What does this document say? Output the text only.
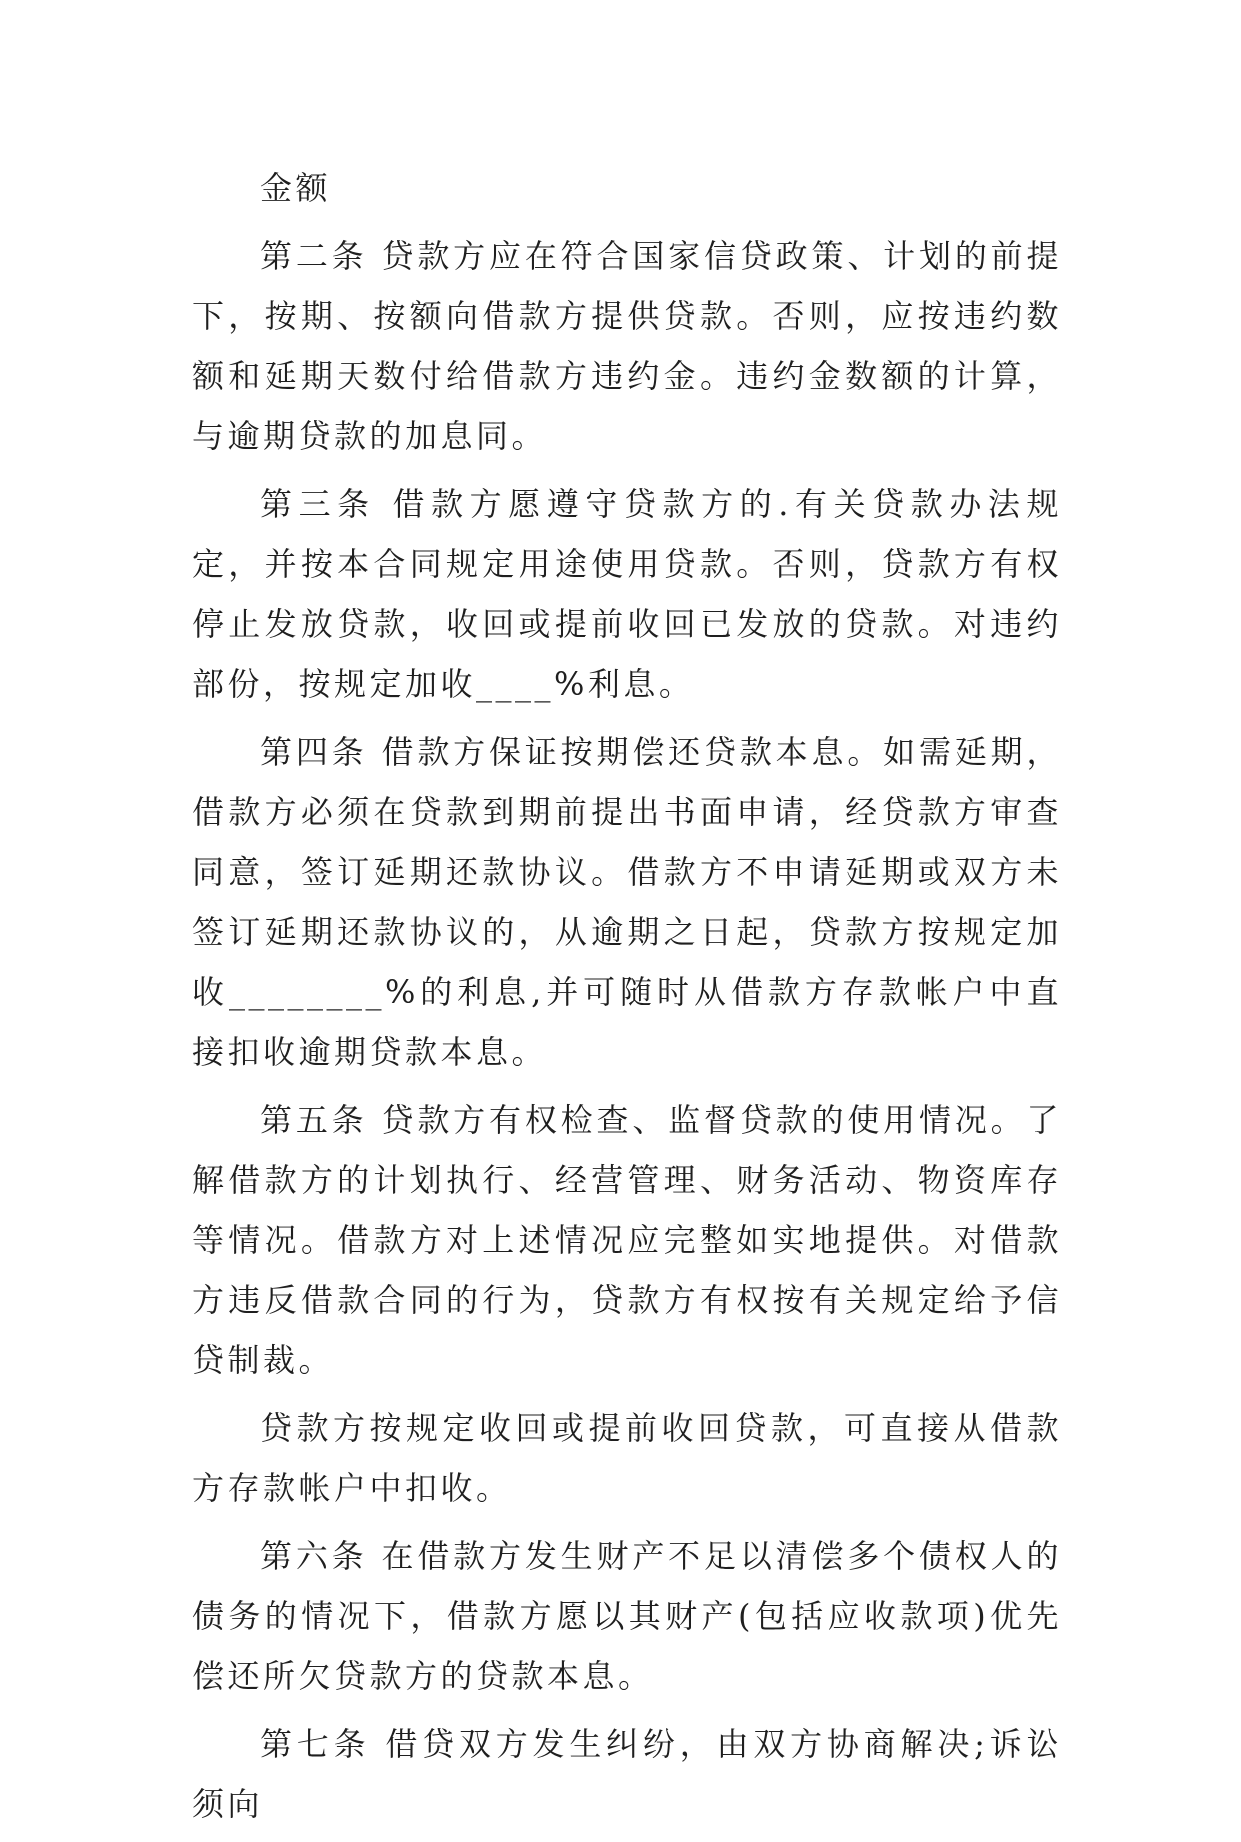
金额

第二条 贷款方应在符合国家信贷政策、计划的前提下，按期、按额向借款方提供贷款。否则，应按违约数额和延期天数付给借款方违约金。违约金数额的计算，与逾期贷款的加息同。

第三条 借款方愿遵守贷款方的.有关贷款办法规定，并按本合同规定用途使用贷款。否则，贷款方有权停止发放贷款，收回或提前收回已发放的贷款。对违约部份，按规定加收____%利息。

第四条 借款方保证按期偿还贷款本息。如需延期，借款方必须在贷款到期前提出书面申请，经贷款方审查同意，签订延期还款协议。借款方不申请延期或双方未签订延期还款协议的，从逾期之日起，贷款方按规定加收________%的利息,并可随时从借款方存款帐户中直接扣收逾期贷款本息。

第五条 贷款方有权检查、监督贷款的使用情况。了解借款方的计划执行、经营管理、财务活动、物资库存等情况。借款方对上述情况应完整如实地提供。对借款方违反借款合同的行为，贷款方有权按有关规定给予信贷制裁。

贷款方按规定收回或提前收回贷款，可直接从借款方存款帐户中扣收。

第六条 在借款方发生财产不足以清偿多个债权人的债务的情况下，借款方愿以其财产(包括应收款项)优先偿还所欠贷款方的贷款本息。

第七条 借贷双方发生纠纷，由双方协商解决;诉讼须向
